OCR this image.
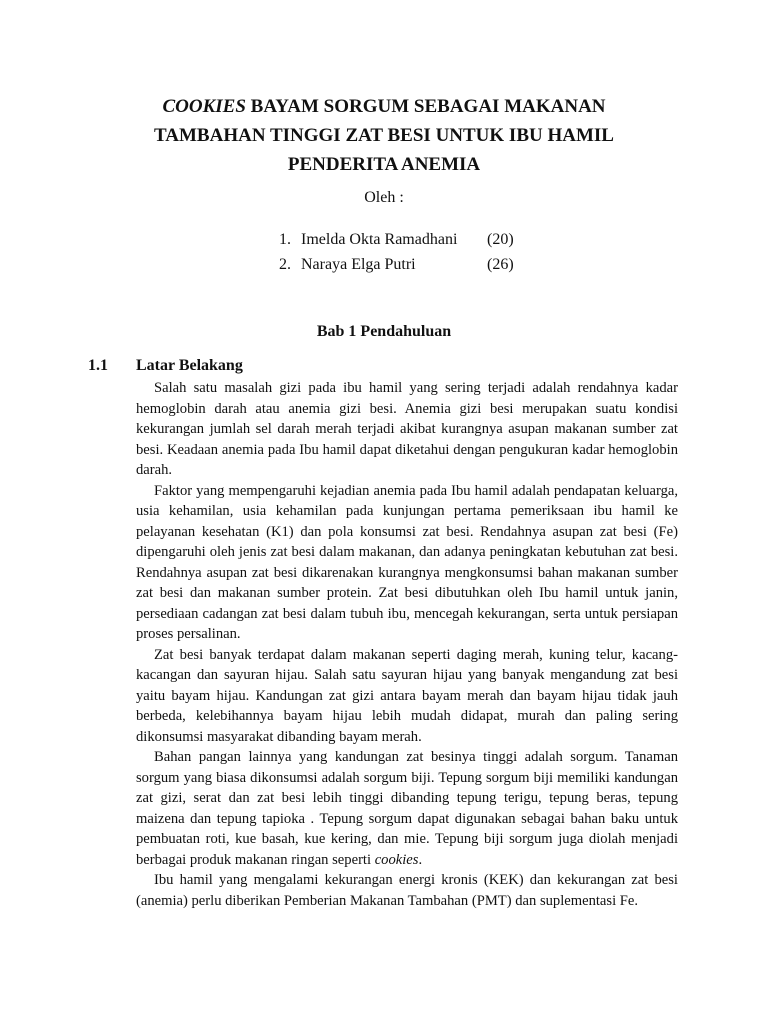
COOKIES BAYAM SORGUM SEBAGAI MAKANAN
TAMBAHAN TINGGI ZAT BESI UNTUK IBU HAMIL
PENDERITA ANEMIA
Oleh :
1. Imelda Okta Ramadhani	(20)
2. Naraya Elga Putri	(26)
Bab 1 Pendahuluan
1.1	Latar Belakang

Salah satu masalah gizi pada ibu hamil yang sering terjadi adalah rendahnya kadar hemoglobin darah atau anemia gizi besi. Anemia gizi besi merupakan suatu kondisi kekurangan jumlah sel darah merah terjadi akibat kurangnya asupan makanan sumber zat besi. Keadaan anemia pada Ibu hamil dapat diketahui dengan pengukuran kadar hemoglobin darah.

Faktor yang mempengaruhi kejadian anemia pada Ibu hamil adalah pendapatan keluarga, usia kehamilan, usia kehamilan pada kunjungan pertama pemeriksaan ibu hamil ke pelayanan kesehatan (K1) dan pola konsumsi zat besi. Rendahnya asupan zat besi (Fe) dipengaruhi oleh jenis zat besi dalam makanan, dan adanya peningkatan kebutuhan zat besi. Rendahnya asupan zat besi dikarenakan kurangnya mengkonsumsi bahan makanan sumber zat besi dan makanan sumber protein. Zat besi dibutuhkan oleh Ibu hamil untuk janin, persediaan cadangan zat besi dalam tubuh ibu, mencegah kekurangan, serta untuk persiapan proses persalinan.

Zat besi banyak terdapat dalam makanan seperti daging merah, kuning telur, kacang-kacangan dan sayuran hijau. Salah satu sayuran hijau yang banyak mengandung zat besi yaitu bayam hijau. Kandungan zat gizi antara bayam merah dan bayam hijau tidak jauh berbeda, kelebihannya bayam hijau lebih mudah didapat, murah dan paling sering dikonsumsi masyarakat dibanding bayam merah.

Bahan pangan lainnya yang kandungan zat besinya tinggi adalah sorgum. Tanaman sorgum yang biasa dikonsumsi adalah sorgum biji. Tepung sorgum biji memiliki kandungan zat gizi, serat dan zat besi lebih tinggi dibanding tepung terigu, tepung beras, tepung maizena dan tepung tapioka . Tepung sorgum dapat digunakan sebagai bahan baku untuk pembuatan roti, kue basah, kue kering, dan mie. Tepung biji sorgum juga diolah menjadi berbagai produk makanan ringan seperti cookies.

Ibu hamil yang mengalami kekurangan energi kronis (KEK) dan kekurangan zat besi (anemia) perlu diberikan Pemberian Makanan Tambahan (PMT) dan suplementasi Fe.
